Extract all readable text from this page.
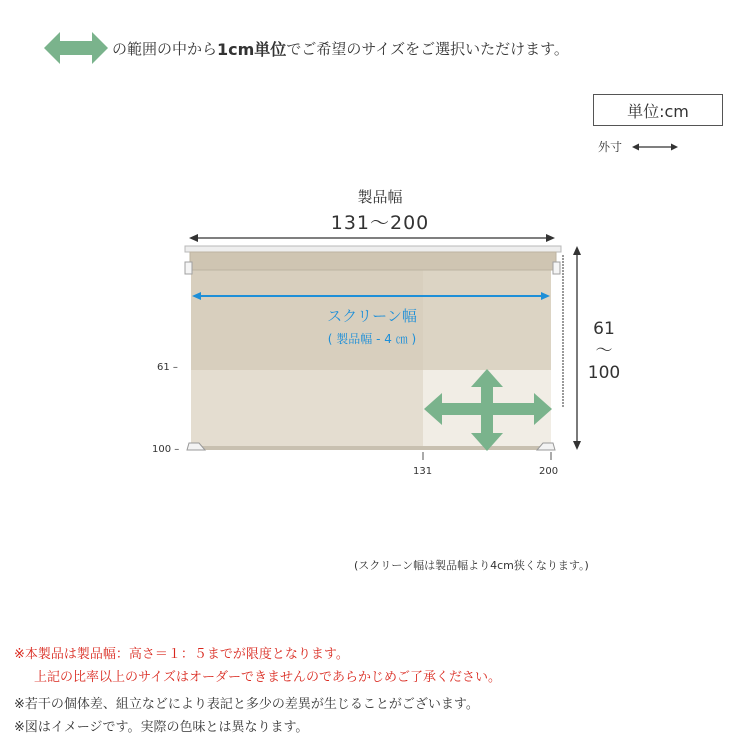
の範囲の中から 1cm単位 でご希望のサイズをご選択いただけます。
単位:cm
外寸
製品幅
131～200
61
～
100
スクリーン幅
( 製品幅 - 4 ㎝ )
61 –
100 –
131	200
(スクリーン幅は製品幅より4cm狭くなります。)
※本製品は製品幅：高さ＝１：５までが限度となります。
上記の比率以上のサイズはオーダーできませんのであらかじめご了承ください。
※若干の個体差、組立などにより表記と多少の差異が生じることがございます。
※図はイメージです。実際の色味とは異なります。
